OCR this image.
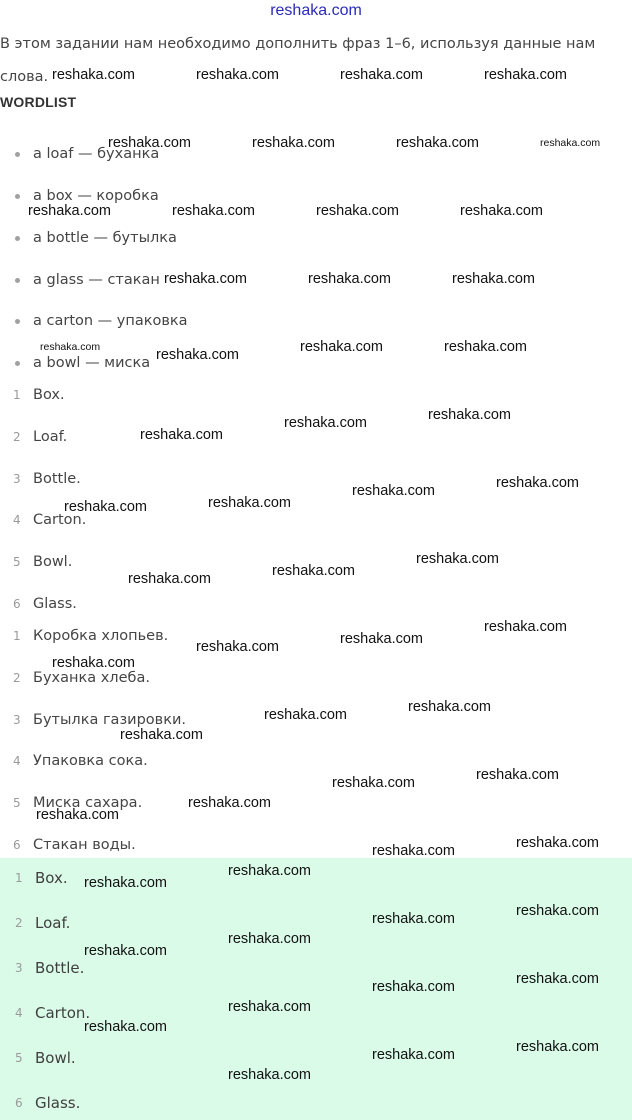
reshaka.com
В этом задании нам необходимо дополнить фраз 1–6, используя данные нам слова.
WORDLIST
a loaf — буханка
a box — коробка
a bottle — бутылка
a glass — стакан
a carton — упаковка
a bowl — миска
1 Box.
2 Loaf.
3 Bottle.
4 Carton.
5 Bowl.
6 Glass.
1 Коробка хлопьев.
2 Буханка хлеба.
3 Бутылка газировки.
4 Упаковка сока.
5 Миска сахара.
6 Стакан воды.
1 Box.
2 Loaf.
3 Bottle.
4 Carton.
5 Bowl.
6 Glass.
reshaka.com	reshaka.com	reshaka.com	reshaka.com
reshaka.com	reshaka.com	reshaka.com	reshaka.com
reshaka.com	reshaka.com	reshaka.com	reshaka.com
reshaka.com	reshaka.com	reshaka.com
reshaka.com	reshaka.com	reshaka.com	reshaka.com
reshaka.com
reshaka.com
reshaka.com
reshaka.com
reshaka.com
reshaka.com
reshaka.com
reshaka.com
reshaka.com
reshaka.com
reshaka.com
reshaka.com
reshaka.com
reshaka.com
reshaka.com
reshaka.com
reshaka.com
reshaka.com
reshaka.com
reshaka.com
reshaka.com
reshaka.com
reshaka.com
reshaka.com
reshaka.com
reshaka.com
reshaka.com
reshaka.com
reshaka.com
reshaka.com
reshaka.com
reshaka.com
reshaka.com
reshaka.com
reshaka.com
reshaka.com
